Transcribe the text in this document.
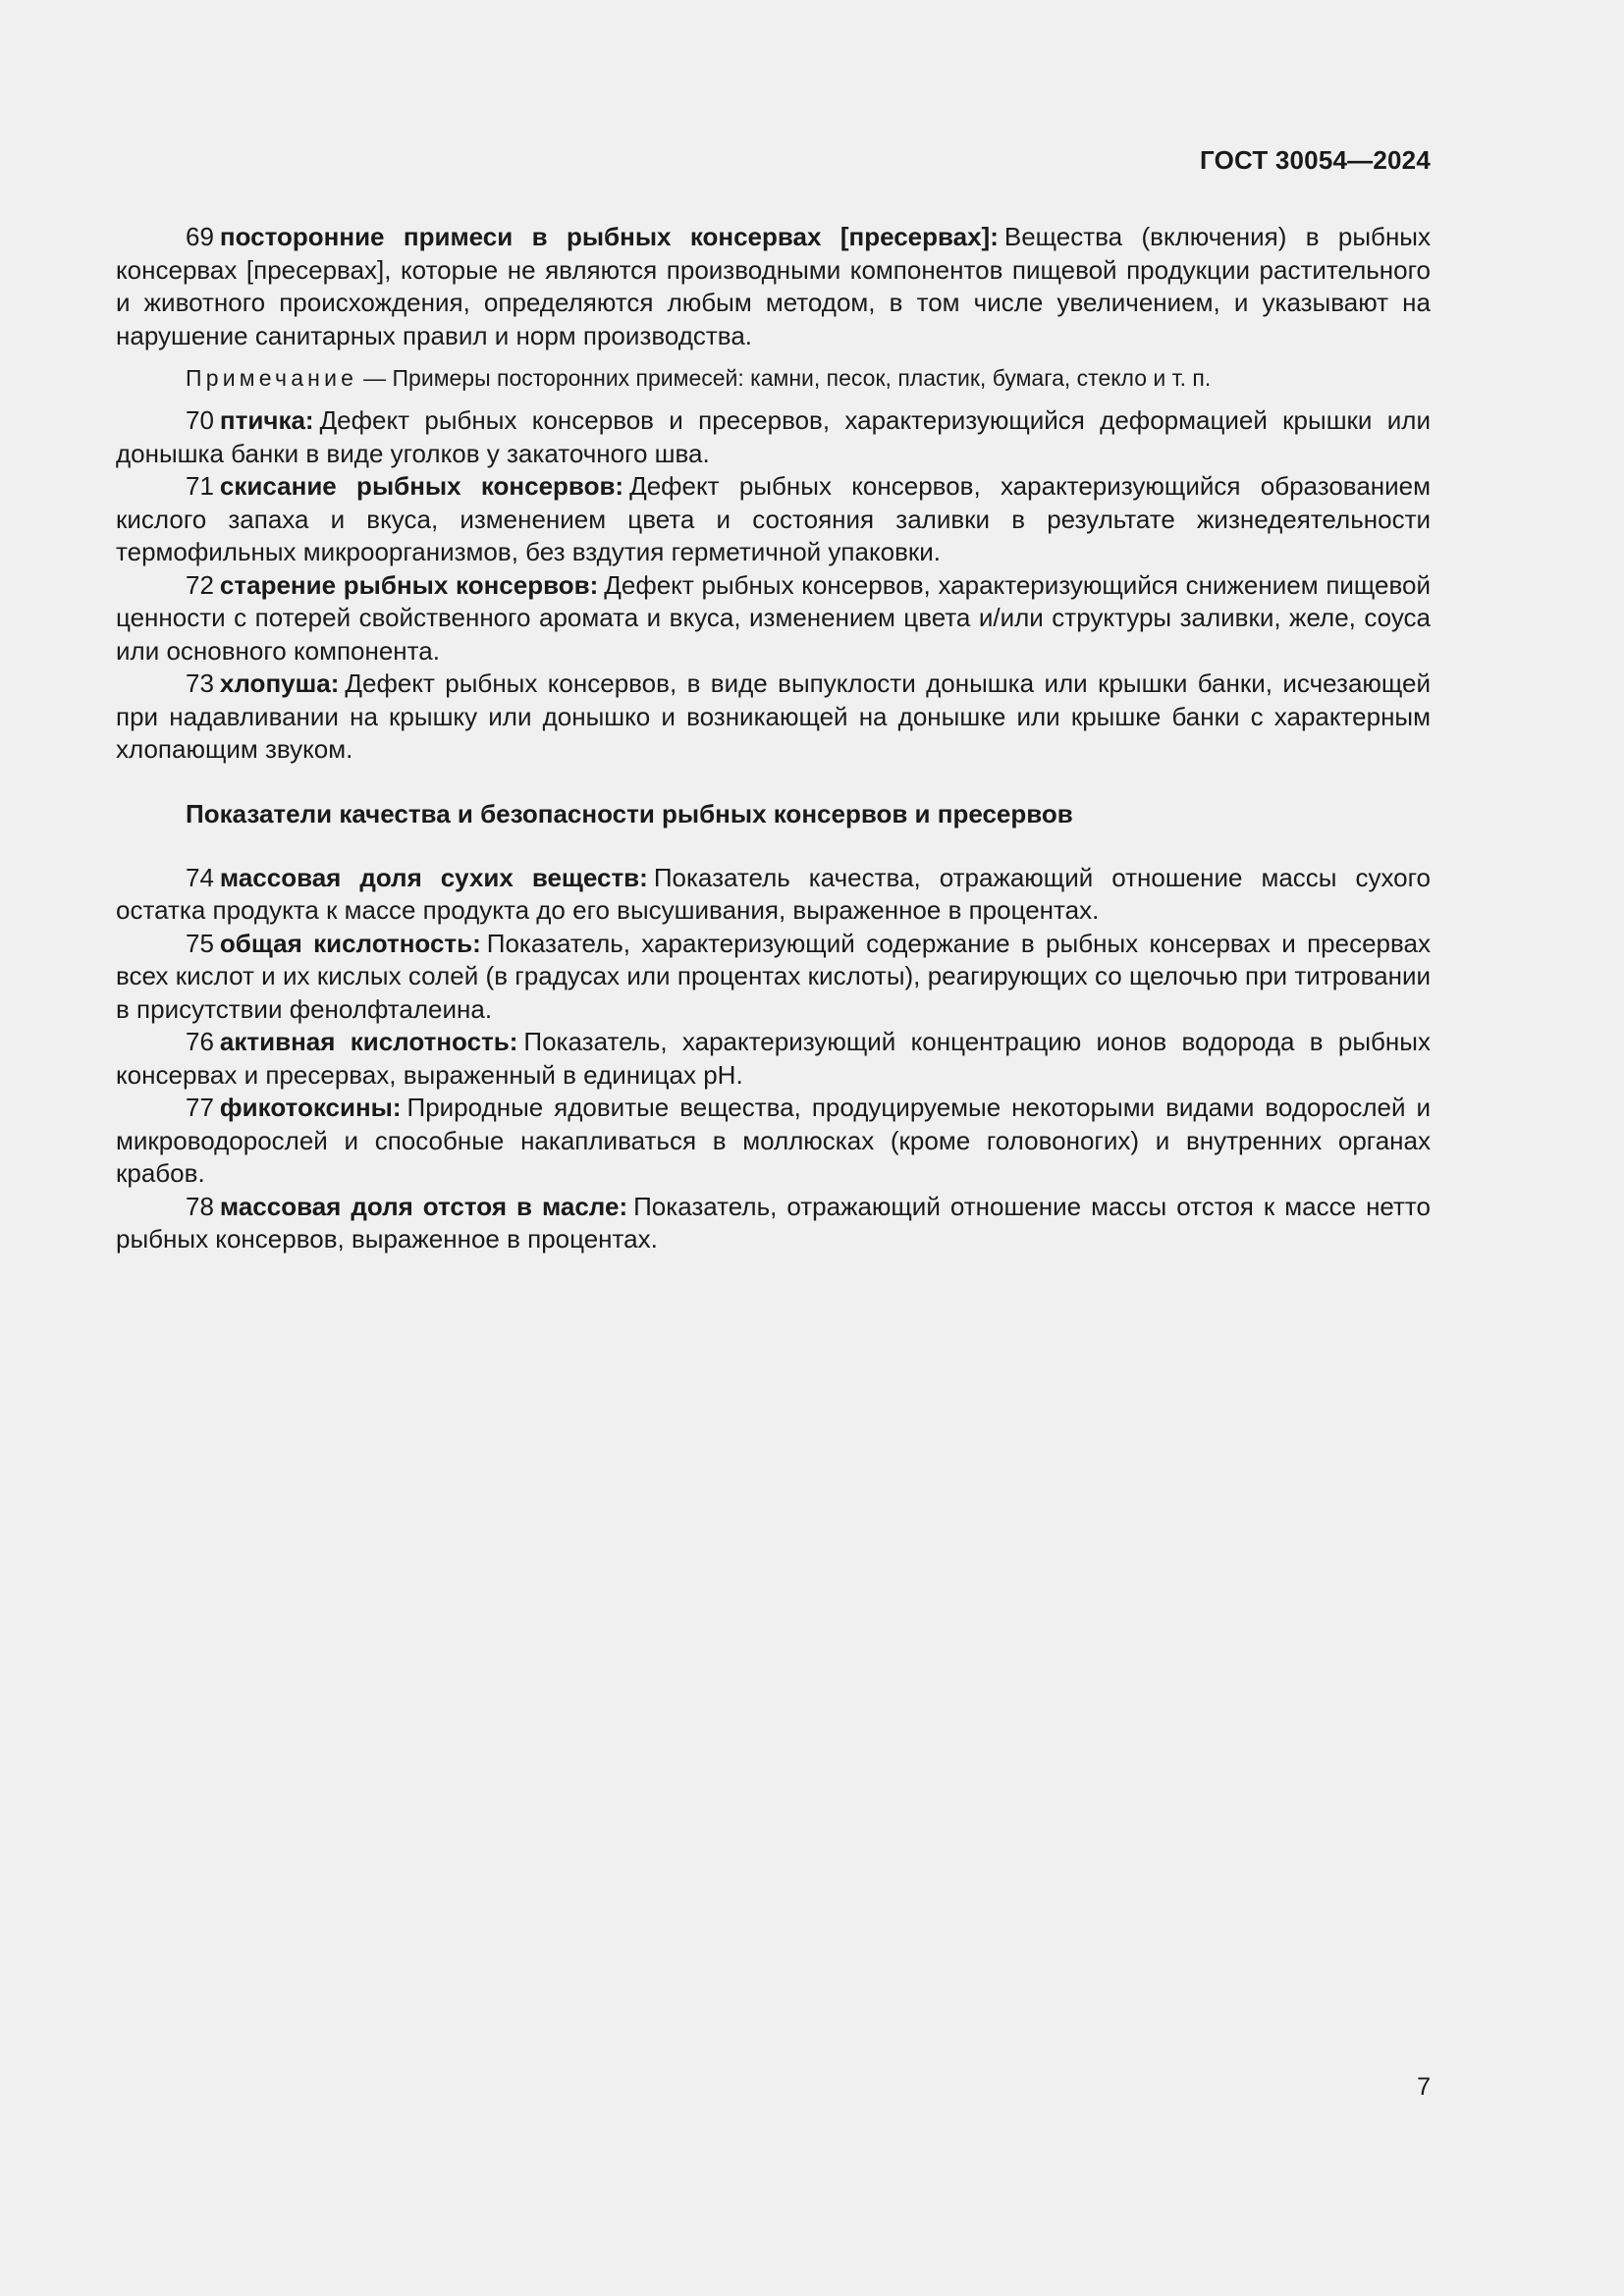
ГОСТ 30054—2024

69 посторонние примеси в рыбных консервах [пресервах]: Вещества (включения) в рыбных консервах [пресервах], которые не являются производными компонентов пищевой продукции растительного и животного происхождения, определяются любым методом, в том числе увеличением, и указывают на нарушение санитарных правил и норм производства.

Примечание — Примеры посторонних примесей: камни, песок, пластик, бумага, стекло и т. п.

70 птичка: Дефект рыбных консервов и пресервов, характеризующийся деформацией крышки или донышка банки в виде уголков у закаточного шва.

71 скисание рыбных консервов: Дефект рыбных консервов, характеризующийся образованием кислого запаха и вкуса, изменением цвета и состояния заливки в результате жизнедеятельности термофильных микроорганизмов, без вздутия герметичной упаковки.

72 старение рыбных консервов: Дефект рыбных консервов, характеризующийся снижением пищевой ценности с потерей свойственного аромата и вкуса, изменением цвета и/или структуры заливки, желе, соуса или основного компонента.

73 хлопуша: Дефект рыбных консервов, в виде выпуклости донышка или крышки банки, исчезающей при надавливании на крышку или донышко и возникающей на донышке или крышке банки с характерным хлопающим звуком.

Показатели качества и безопасности рыбных консервов и пресервов

74 массовая доля сухих веществ: Показатель качества, отражающий отношение массы сухого остатка продукта к массе продукта до его высушивания, выраженное в процентах.

75 общая кислотность: Показатель, характеризующий содержание в рыбных консервах и пресервах всех кислот и их кислых солей (в градусах или процентах кислоты), реагирующих со щелочью при титровании в присутствии фенолфталеина.

76 активная кислотность: Показатель, характеризующий концентрацию ионов водорода в рыбных консервах и пресервах, выраженный в единицах pH.

77 фикотоксины: Природные ядовитые вещества, продуцируемые некоторыми видами водорослей и микроводорослей и способные накапливаться в моллюсках (кроме головоногих) и внутренних органах крабов.

78 массовая доля отстоя в масле: Показатель, отражающий отношение массы отстоя к массе нетто рыбных консервов, выраженное в процентах.

7
